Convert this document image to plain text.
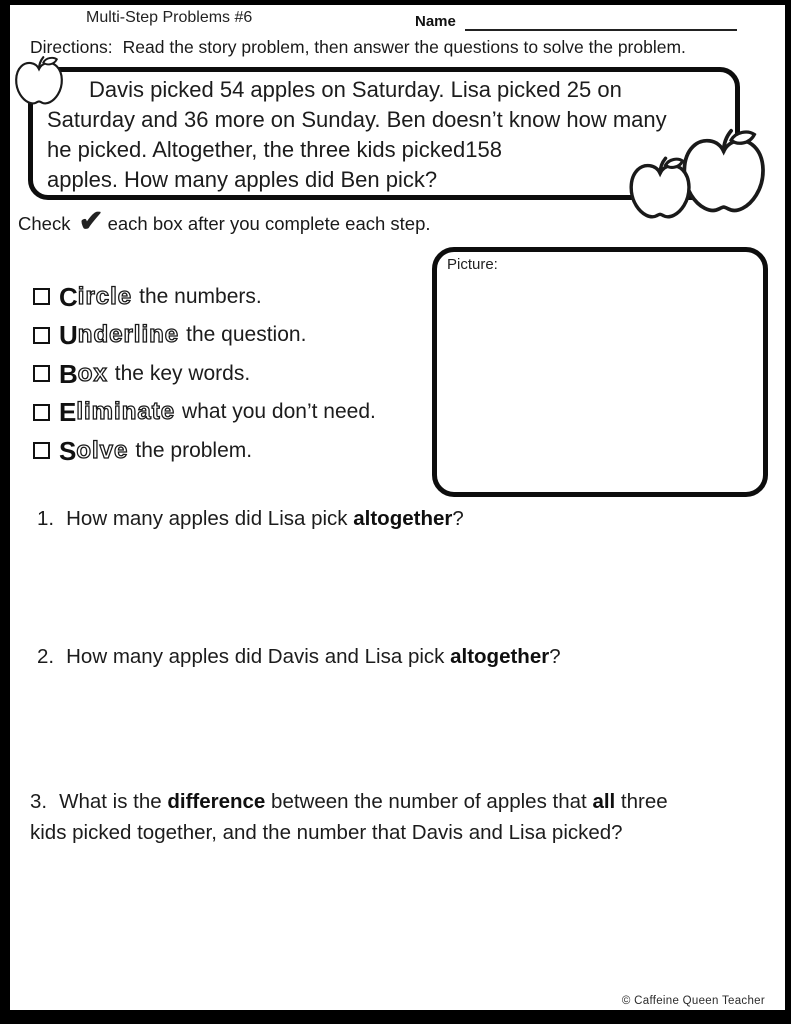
Multi-Step Problems #6	Name
Directions: Read the story problem, then answer the questions to solve the problem.
Davis picked 54 apples on Saturday. Lisa picked 25 on
Saturday and 36 more on Sunday. Ben doesn’t know how many
he picked. Altogether, the three kids picked158
apples. How many apples did Ben pick?
Check ✔ each box after you complete each step.
C ircle the numbers.
U nderline the question.
B ox the key words.
E liminate what you don’t need.
S olve the problem.
Picture:
1. How many apples did Lisa pick altogether?
2. How many apples did Davis and Lisa pick altogether?
3. What is the difference between the number of apples that all three kids picked together, and the number that Davis and Lisa picked?
© Caffeine Queen Teacher
